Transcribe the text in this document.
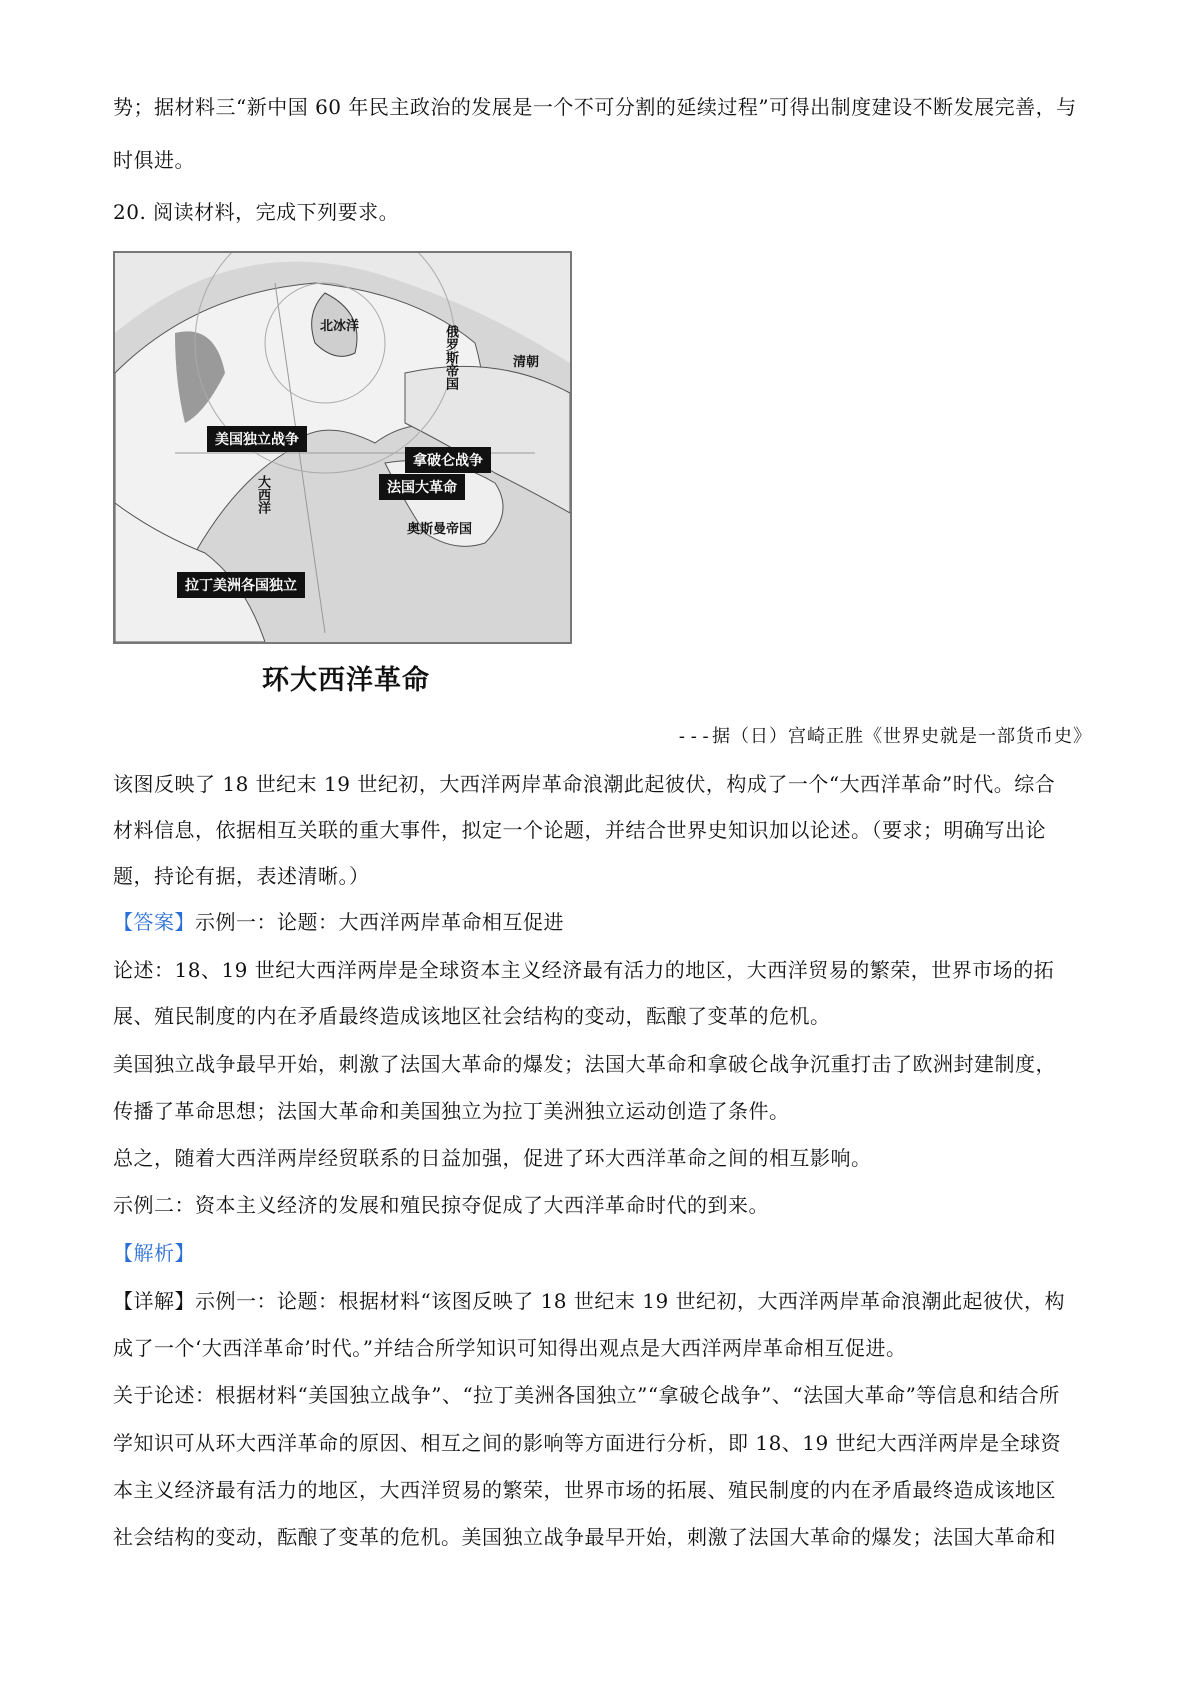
势；据材料三“新中国 60 年民主政治的发展是一个不可分割的延续过程”可得出制度建设不断发展完善，与
时俱进。
20. 阅读材料，完成下列要求。
北冰洋	俄罗斯帝国	清朝
大西洋
奥斯曼帝国
美国独立战争
拿破仑战争
法国大革命
拉丁美洲各国独立
环大西洋革命
---据（日）宫崎正胜《世界史就是一部货币史》
该图反映了 18 世纪末 19 世纪初，大西洋两岸革命浪潮此起彼伏，构成了一个“大西洋革命”时代。综合
材料信息，依据相互关联的重大事件，拟定一个论题，并结合世界史知识加以论述。（要求；明确写出论
题，持论有据，表述清晰。）
【答案】示例一：论题：大西洋两岸革命相互促进
论述：18、19 世纪大西洋两岸是全球资本主义经济最有活力的地区，大西洋贸易的繁荣，世界市场的拓
展、殖民制度的内在矛盾最终造成该地区社会结构的变动，酝酿了变革的危机。
美国独立战争最早开始，刺激了法国大革命的爆发；法国大革命和拿破仑战争沉重打击了欧洲封建制度，
传播了革命思想；法国大革命和美国独立为拉丁美洲独立运动创造了条件。
总之，随着大西洋两岸经贸联系的日益加强，促进了环大西洋革命之间的相互影响。
示例二：资本主义经济的发展和殖民掠夺促成了大西洋革命时代的到来。
【解析】
【详解】示例一：论题：根据材料“该图反映了 18 世纪末 19 世纪初，大西洋两岸革命浪潮此起彼伏，构
成了一个‘大西洋革命’时代。”并结合所学知识可知得出观点是大西洋两岸革命相互促进。
关于论述：根据材料“美国独立战争”、“拉丁美洲各国独立”“拿破仑战争”、“法国大革命”等信息和结合所
学知识可从环大西洋革命的原因、相互之间的影响等方面进行分析，即 18、19 世纪大西洋两岸是全球资
本主义经济最有活力的地区，大西洋贸易的繁荣，世界市场的拓展、殖民制度的内在矛盾最终造成该地区
社会结构的变动，酝酿了变革的危机。美国独立战争最早开始，刺激了法国大革命的爆发；法国大革命和
